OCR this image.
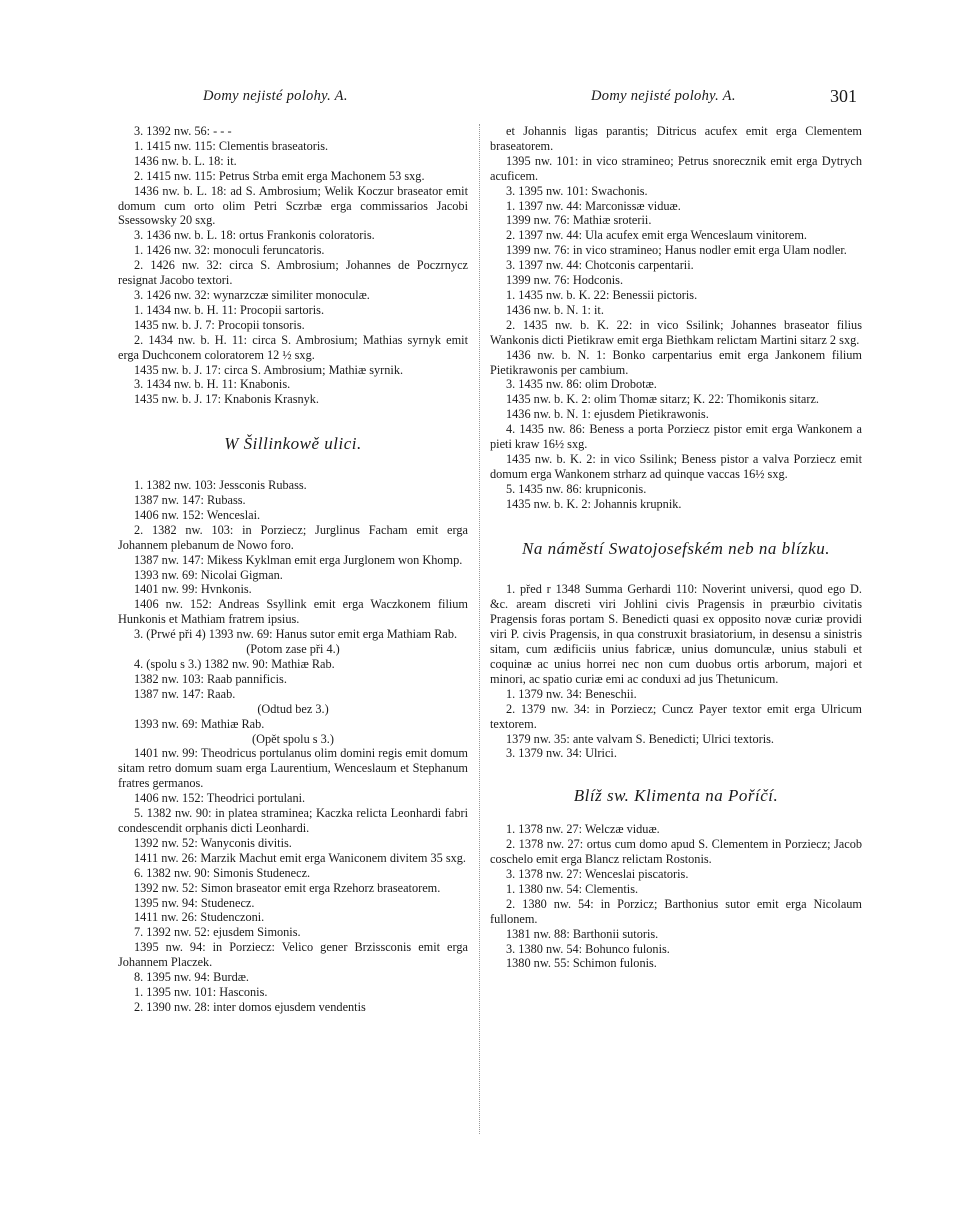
Domy nejisté polohy. A.	Domy nejisté polohy. A.	301

3. 1392 nw. 56: - - -

1. 1415 nw. 115: Clementis braseatoris.

1436 nw. b. L. 18: it.

2. 1415 nw. 115: Petrus Strba emit erga Machonem 53 sxg.

1436 nw. b. L. 18: ad S. Ambrosium; Welik Koczur braseator emit domum cum orto olim Petri Sczrbæ erga commissarios Jacobi Ssessowsky 20 sxg.

3. 1436 nw. b. L. 18: ortus Frankonis coloratoris.

1. 1426 nw. 32: monoculi feruncatoris.

2. 1426 nw. 32: circa S. Ambrosium; Johannes de Poczrnycz resignat Jacobo textori.

3. 1426 nw. 32: wynarzczæ similiter monoculæ.

1. 1434 nw. b. H. 11: Procopii sartoris.

1435 nw. b. J. 7: Procopii tonsoris.

2. 1434 nw. b. H. 11: circa S. Ambrosium; Mathias syrnyk emit erga Duchconem coloratorem 12 ½ sxg.

1435 nw. b. J. 17: circa S. Ambrosium; Mathiæ syrnik.

3. 1434 nw. b. H. 11: Knabonis.

1435 nw. b. J. 17: Knabonis Krasnyk.

W Šillinkowě ulici.

1. 1382 nw. 103: Jessconis Rubass.

1387 nw. 147: Rubass.

1406 nw. 152: Wenceslai.

2. 1382 nw. 103: in Porziecz; Jurglinus Facham emit erga Johannem plebanum de Nowo foro.

1387 nw. 147: Mikess Kyklman emit erga Jurglonem won Khomp.

1393 nw. 69: Nicolai Gigman.

1401 nw. 99: Hvnkonis.

1406 nw. 152: Andreas Ssyllink emit erga Waczkonem filium Hunkonis et Mathiam fratrem ipsius.

3. (Prwé při 4) 1393 nw. 69: Hanus sutor emit erga Mathiam Rab.

(Potom zase při 4.)

4. (spolu s 3.) 1382 nw. 90: Mathiæ Rab.

1382 nw. 103: Raab pannificis.

1387 nw. 147: Raab.

(Odtud bez 3.)

1393 nw. 69: Mathiæ Rab.

(Opět spolu s 3.)

1401 nw. 99: Theodricus portulanus olim domini regis emit domum sitam retro domum suam erga Laurentium, Wenceslaum et Stephanum fratres germanos.

1406 nw. 152: Theodrici portulani.

5. 1382 nw. 90: in platea straminea; Kaczka relicta Leonhardi fabri condescendit orphanis dicti Leonhardi.

1392 nw. 52: Wanyconis divitis.

1411 nw. 26: Marzik Machut emit erga Waniconem divitem 35 sxg.

6. 1382 nw. 90: Simonis Studenecz.

1392 nw. 52: Simon braseator emit erga Rzehorz braseatorem.

1395 nw. 94: Studenecz.

1411 nw. 26: Studenczoni.

7. 1392 nw. 52: ejusdem Simonis.

1395 nw. 94: in Porziecz: Velico gener Brzissconis emit erga Johannem Placzek.

8. 1395 nw. 94: Burdæ.

1. 1395 nw. 101: Hasconis.

2. 1390 nw. 28: inter domos ejusdem vendentis

et Johannis ligas parantis; Ditricus acufex emit erga Clementem braseatorem.

1395 nw. 101: in vico stramineo; Petrus snorecznik emit erga Dytrych acuficem.

3. 1395 nw. 101: Swachonis.

1. 1397 nw. 44: Marconissæ viduæ.

1399 nw. 76: Mathiæ sroterii.

2. 1397 nw. 44: Ula acufex emit erga Wenceslaum vinitorem.

1399 nw. 76: in vico stramineo; Hanus nodler emit erga Ulam nodler.

3. 1397 nw. 44: Chotconis carpentarii.

1399 nw. 76: Hodconis.

1. 1435 nw. b. K. 22: Benessii pictoris.

1436 nw. b. N. 1: it.

2. 1435 nw. b. K. 22: in vico Ssilink; Johannes braseator filius Wankonis dicti Pietikraw emit erga Biethkam relictam Martini sitarz 2 sxg.

1436 nw. b. N. 1: Bonko carpentarius emit erga Jankonem filium Pietikrawonis per cambium.

3. 1435 nw. 86: olim Drobotæ.

1435 nw. b. K. 2: olim Thomæ sitarz; K. 22: Thomikonis sitarz.

1436 nw. b. N. 1: ejusdem Pietikrawonis.

4. 1435 nw. 86: Beness a porta Porziecz pistor emit erga Wankonem a pieti kraw 16½ sxg.

1435 nw. b. K. 2: in vico Ssilink; Beness pistor a valva Porziecz emit domum erga Wankonem strharz ad quinque vaccas 16½ sxg.

5. 1435 nw. 86: krupniconis.

1435 nw. b. K. 2: Johannis krupnik.

Na náměstí Swatojosefském neb na blízku.

1. před r 1348 Summa Gerhardi 110: Noverint universi, quod ego D. &c. aream discreti viri Johlini civis Pragensis in præurbio civitatis Pragensis foras portam S. Benedicti quasi ex opposito novæ curiæ providi viri P. civis Pragensis, in qua construxit brasiatorium, in desensu a sinistris sitam, cum ædificiis unius fabricæ, unius domunculæ, unius stabuli et coquinæ ac unius horrei nec non cum duobus ortis arborum, majori et minori, ac spatio curiæ emi ac conduxi ad jus Thetunicum.

1. 1379 nw. 34: Beneschii.

2. 1379 nw. 34: in Porziecz; Cuncz Payer textor emit erga Ulricum textorem.

1379 nw. 35: ante valvam S. Benedicti; Ulrici textoris.

3. 1379 nw. 34: Ulrici.

Blíž sw. Klimenta na Poříčí.

1. 1378 nw. 27: Welczæ viduæ.

2. 1378 nw. 27: ortus cum domo apud S. Clementem in Porziecz; Jacob coschelo emit erga Blancz relictam Rostonis.

3. 1378 nw. 27: Wenceslai piscatoris.

1. 1380 nw. 54: Clementis.

2. 1380 nw. 54: in Porzicz; Barthonius sutor emit erga Nicolaum fullonem.

1381 nw. 88: Barthonii sutoris.

3. 1380 nw. 54: Bohunco fulonis.

1380 nw. 55: Schimon fulonis.
